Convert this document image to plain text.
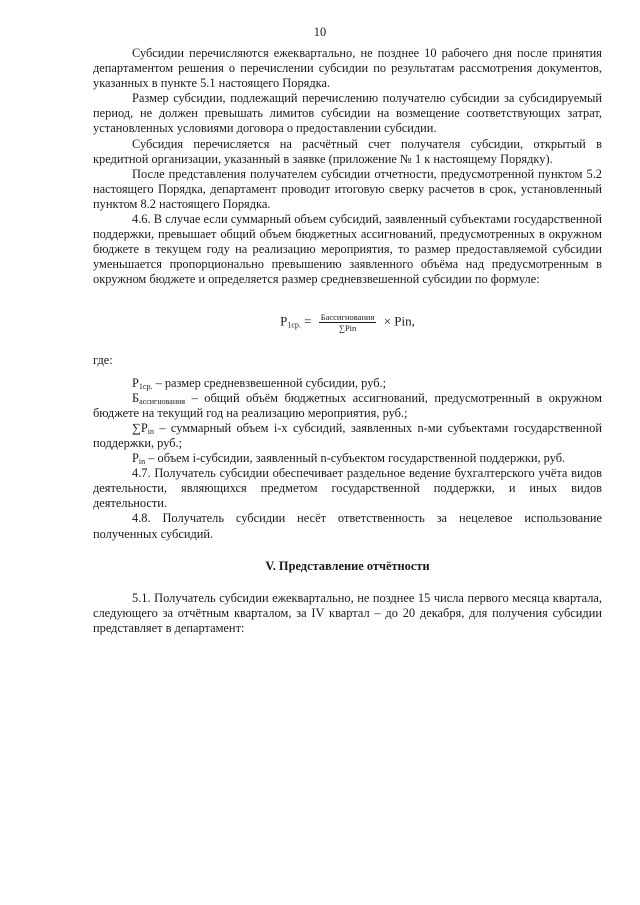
10

Субсидии перечисляются ежеквартально, не позднее 10 рабочего дня после принятия департаментом решения о перечислении субсидии по результатам рассмотрения документов, указанных в пункте 5.1 настоящего Порядка.

Размер субсидии, подлежащий перечислению получателю субсидии за субсидируемый период, не должен превышать лимитов субсидии на возмещение соответствующих затрат, установленных условиями договора о предоставлении субсидии.

Субсидия перечисляется на расчётный счет получателя субсидии, открытый в кредитной организации, указанный в заявке (приложение № 1 к настоящему Порядку).

После представления получателем субсидии отчетности, предусмотренной пунктом 5.2 настоящего Порядка, департамент проводит итоговую сверку расчетов в срок, установленный пунктом 8.2 настоящего Порядка.

4.6. В случае если суммарный объем субсидий, заявленный субъектами государственной поддержки, превышает общий объем бюджетных ассигнований, предусмотренных в окружном бюджете в текущем году на реализацию мероприятия, то размер предоставляемой субсидии уменьшается пропорционально превышению заявленного объёма над предусмотренным в окружном бюджете и определяется размер средневзвешенной субсидии по формуле:

$P_{1ср.} = \frac{\text{Бассигнования}}{\text{∑Pin}}$ × Pin,

где:

$P_{1ср.}$ – размер средневзвешенной субсидии, руб.;

$Б_{ассигнования}$ – общий объём бюджетных ассигнований, предусмотренный в окружном бюджете на текущий год на реализацию мероприятия, руб.;

$\sum P_{in}$ – суммарный объем i-х субсидий, заявленных n-ми субъектами государственной поддержки, руб.;

$P_{in}$ – объем i-субсидии, заявленный n-субъектом государственной поддержки, руб.

4.7. Получатель субсидии обеспечивает раздельное ведение бухгалтерского учёта видов деятельности, являющихся предметом государственной поддержки, и иных видов деятельности.

4.8. Получатель субсидии несёт ответственность за нецелевое использование полученных субсидий.

V. Представление отчётности

5.1. Получатель субсидии ежеквартально, не позднее 15 числа первого месяца квартала, следующего за отчётным кварталом, за IV квартал – до 20 декабря, для получения субсидии представляет в департамент:
